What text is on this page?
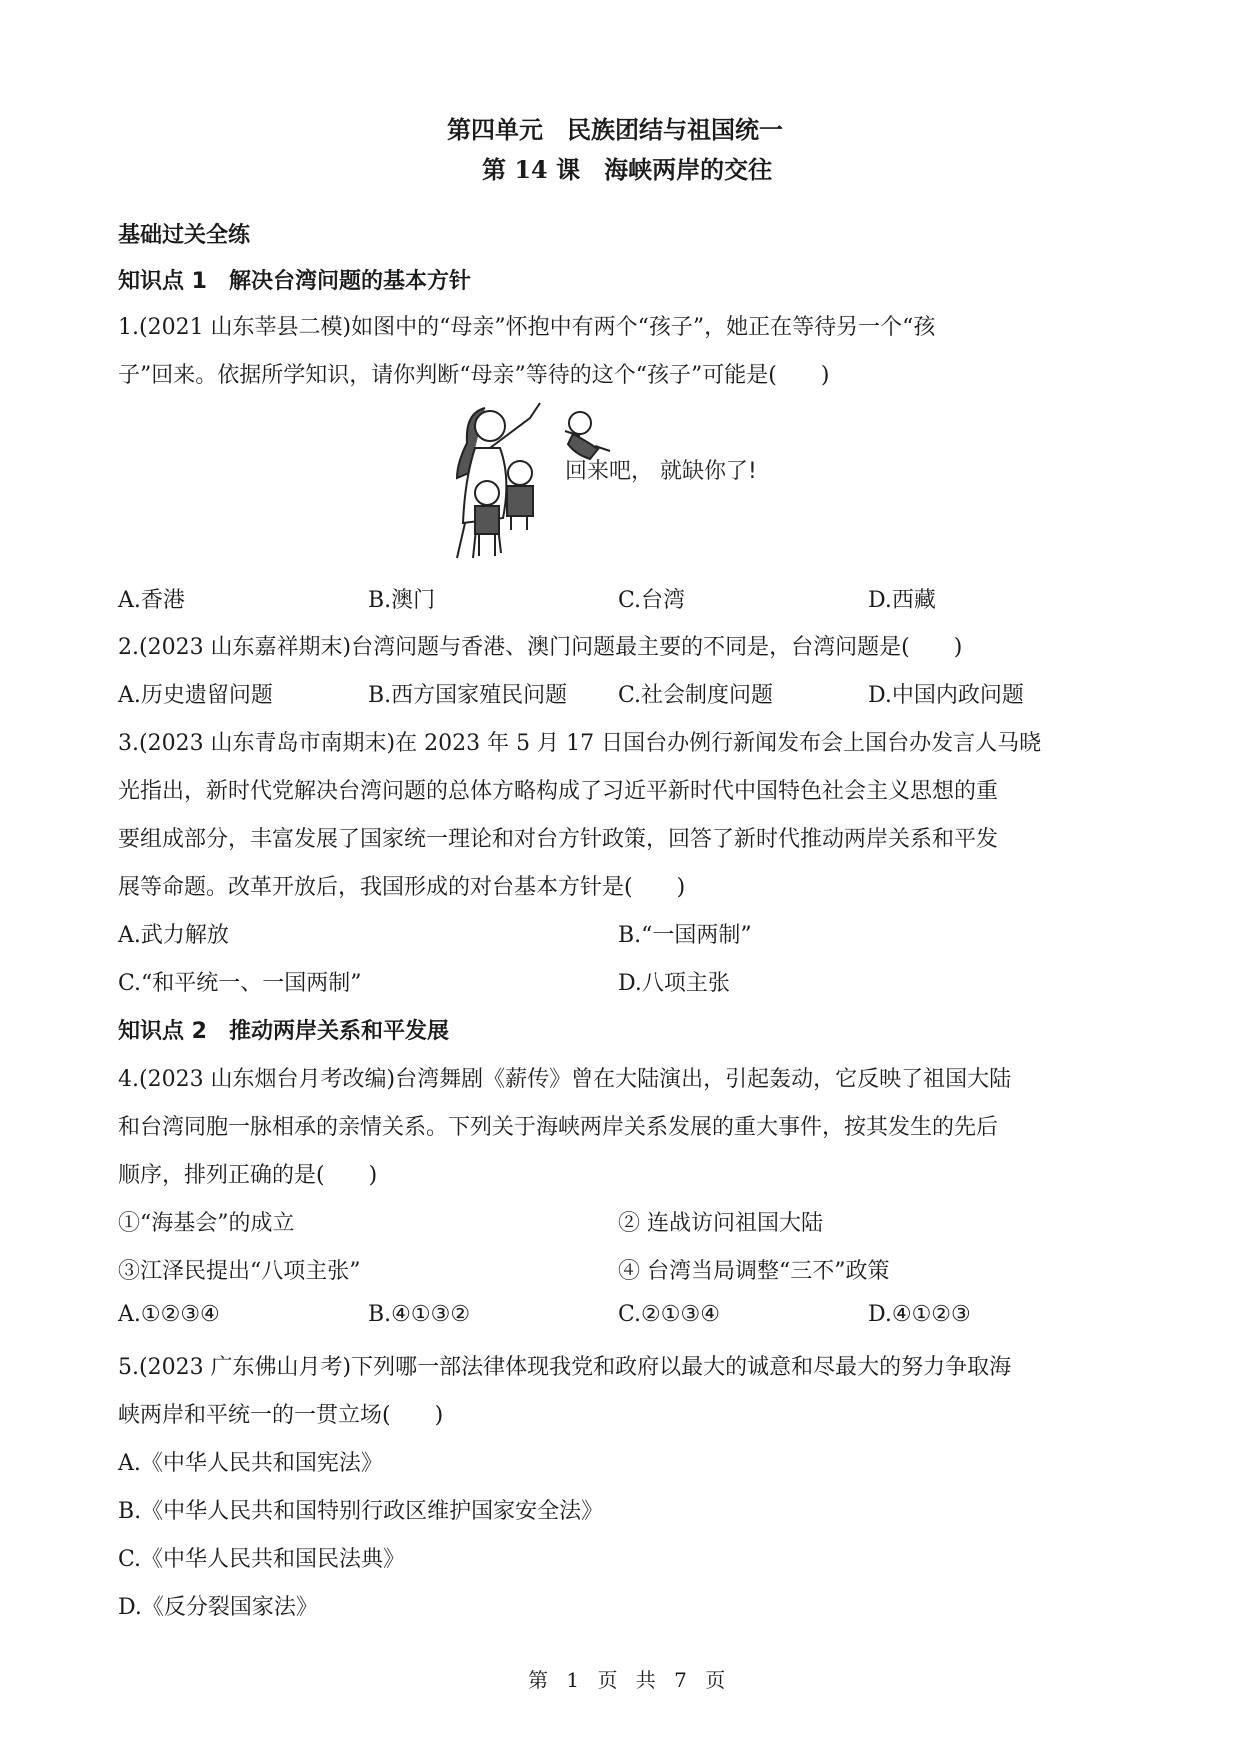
第四单元　民族团结与祖国统一
第 14 课　海峡两岸的交往
基础过关全练
知识点 1　解决台湾问题的基本方针
1.(2021 山东莘县二模)如图中的“母亲”怀抱中有两个“孩子”，她正在等待另一个“孩
子”回来。依据所学知识，请你判断“母亲”等待的这个“孩子”可能是(　　)
回来吧， 就缺你了!
A.香港	B.澳门	C.台湾	D.西藏
2.(2023 山东嘉祥期末)台湾问题与香港、澳门问题最主要的不同是，台湾问题是(　　)
A.历史遗留问题	B.西方国家殖民问题 C.社会制度问题	D.中国内政问题
3.(2023 山东青岛市南期末)在 2023 年 5 月 17 日国台办例行新闻发布会上国台办发言人马晓
光指出，新时代党解决台湾问题的总体方略构成了习近平新时代中国特色社会主义思想的重
要组成部分，丰富发展了国家统一理论和对台方针政策，回答了新时代推动两岸关系和平发
展等命题。改革开放后，我国形成的对台基本方针是(　　)
A.武力解放	B.“一国两制”
C.“和平统一、一国两制”	D.八项主张
知识点 2　推动两岸关系和平发展
4.(2023 山东烟台月考改编)台湾舞剧《薪传》曾在大陆演出，引起轰动，它反映了祖国大陆
和台湾同胞一脉相承的亲情关系。下列关于海峡两岸关系发展的重大事件，按其发生的先后
顺序，排列正确的是(　　)
①“海基会”的成立	② 连战访问祖国大陆
③江泽民提出“八项主张”	④ 台湾当局调整“三不”政策
A.①②③④	B.④①③②	C.②①③④	D.④①②③
5.(2023 广东佛山月考)下列哪一部法律体现我党和政府以最大的诚意和尽最大的努力争取海
峡两岸和平统一的一贯立场(　　)
A.《中华人民共和国宪法》
B.《中华人民共和国特别行政区维护国家安全法》
C.《中华人民共和国民法典》
D.《反分裂国家法》
第 1 页 共 7 页
